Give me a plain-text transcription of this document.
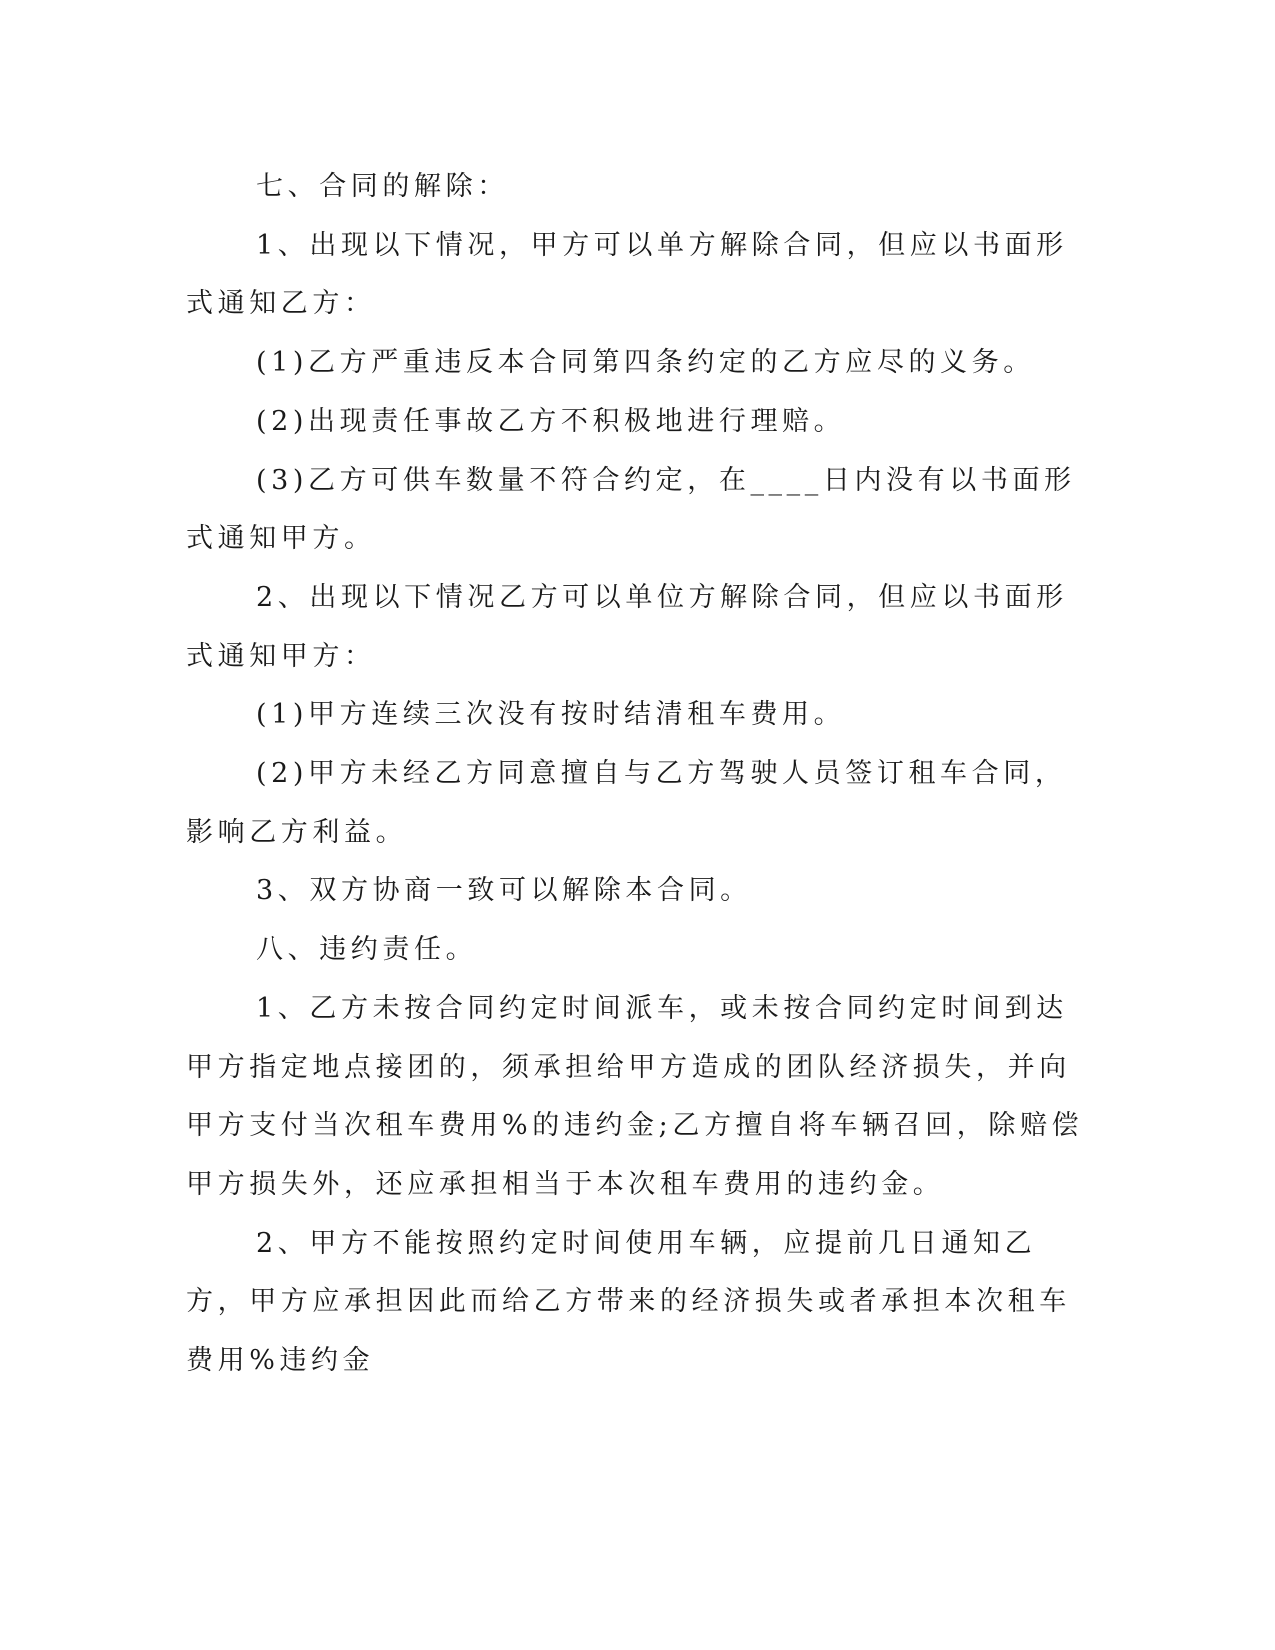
七、合同的解除：

1、出现以下情况，甲方可以单方解除合同，但应以书面形式通知乙方：

(1)乙方严重违反本合同第四条约定的乙方应尽的义务。

(2)出现责任事故乙方不积极地进行理赔。

(3)乙方可供车数量不符合约定，在____日内没有以书面形式通知甲方。

2、出现以下情况乙方可以单位方解除合同，但应以书面形式通知甲方：

(1)甲方连续三次没有按时结清租车费用。

(2)甲方未经乙方同意擅自与乙方驾驶人员签订租车合同，影响乙方利益。

3、双方协商一致可以解除本合同。

八、违约责任。

1、乙方未按合同约定时间派车，或未按合同约定时间到达甲方指定地点接团的，须承担给甲方造成的团队经济损失，并向甲方支付当次租车费用%的违约金;乙方擅自将车辆召回，除赔偿甲方损失外，还应承担相当于本次租车费用的违约金。

2、甲方不能按照约定时间使用车辆，应提前几日通知乙方，甲方应承担因此而给乙方带来的经济损失或者承担本次租车费用%违约金
